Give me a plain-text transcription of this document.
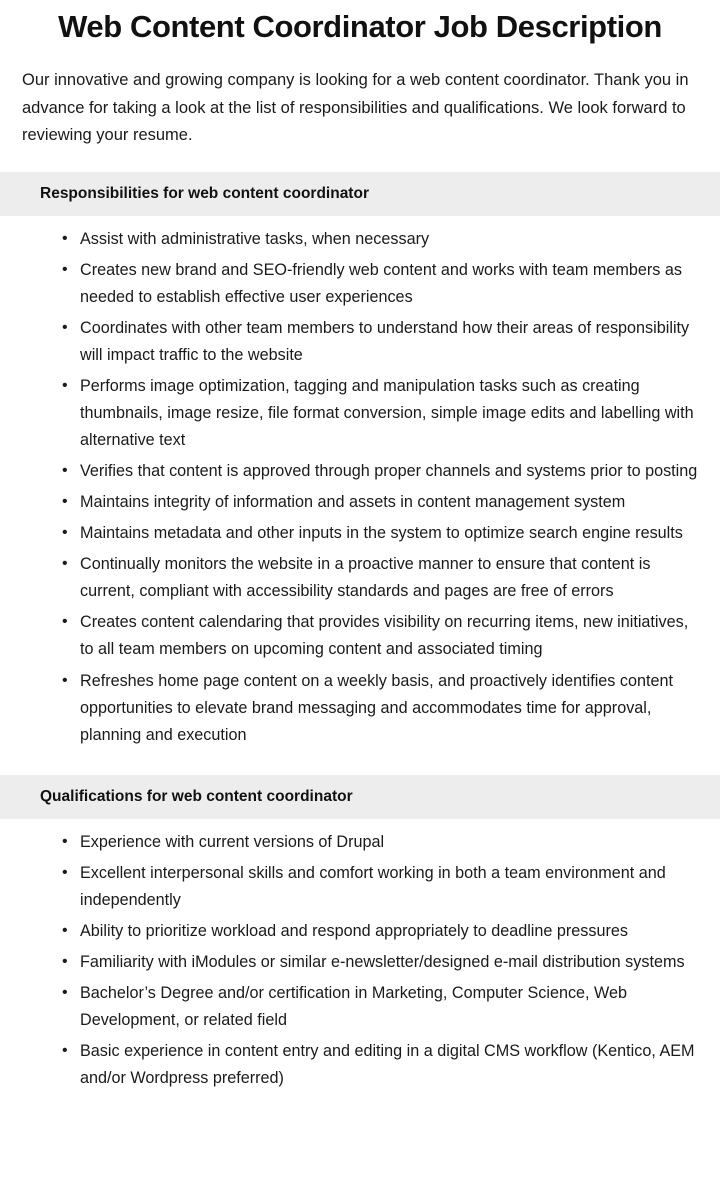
Web Content Coordinator Job Description

Our innovative and growing company is looking for a web content coordinator. Thank you in advance for taking a look at the list of responsibilities and qualifications. We look forward to reviewing your resume.

Responsibilities for web content coordinator
• Assist with administrative tasks, when necessary
• Creates new brand and SEO-friendly web content and works with team members as needed to establish effective user experiences
• Coordinates with other team members to understand how their areas of responsibility will impact traffic to the website
• Performs image optimization, tagging and manipulation tasks such as creating thumbnails, image resize, file format conversion, simple image edits and labelling with alternative text
• Verifies that content is approved through proper channels and systems prior to posting
• Maintains integrity of information and assets in content management system
• Maintains metadata and other inputs in the system to optimize search engine results
• Continually monitors the website in a proactive manner to ensure that content is current, compliant with accessibility standards and pages are free of errors
• Creates content calendaring that provides visibility on recurring items, new initiatives, to all team members on upcoming content and associated timing
• Refreshes home page content on a weekly basis, and proactively identifies content opportunities to elevate brand messaging and accommodates time for approval, planning and execution
Qualifications for web content coordinator
• Experience with current versions of Drupal
• Excellent interpersonal skills and comfort working in both a team environment and independently
• Ability to prioritize workload and respond appropriately to deadline pressures
• Familiarity with iModules or similar e-newsletter/designed e-mail distribution systems
• Bachelor’s Degree and/or certification in Marketing, Computer Science, Web Development, or related field
• Basic experience in content entry and editing in a digital CMS workflow (Kentico, AEM and/or Wordpress preferred)
